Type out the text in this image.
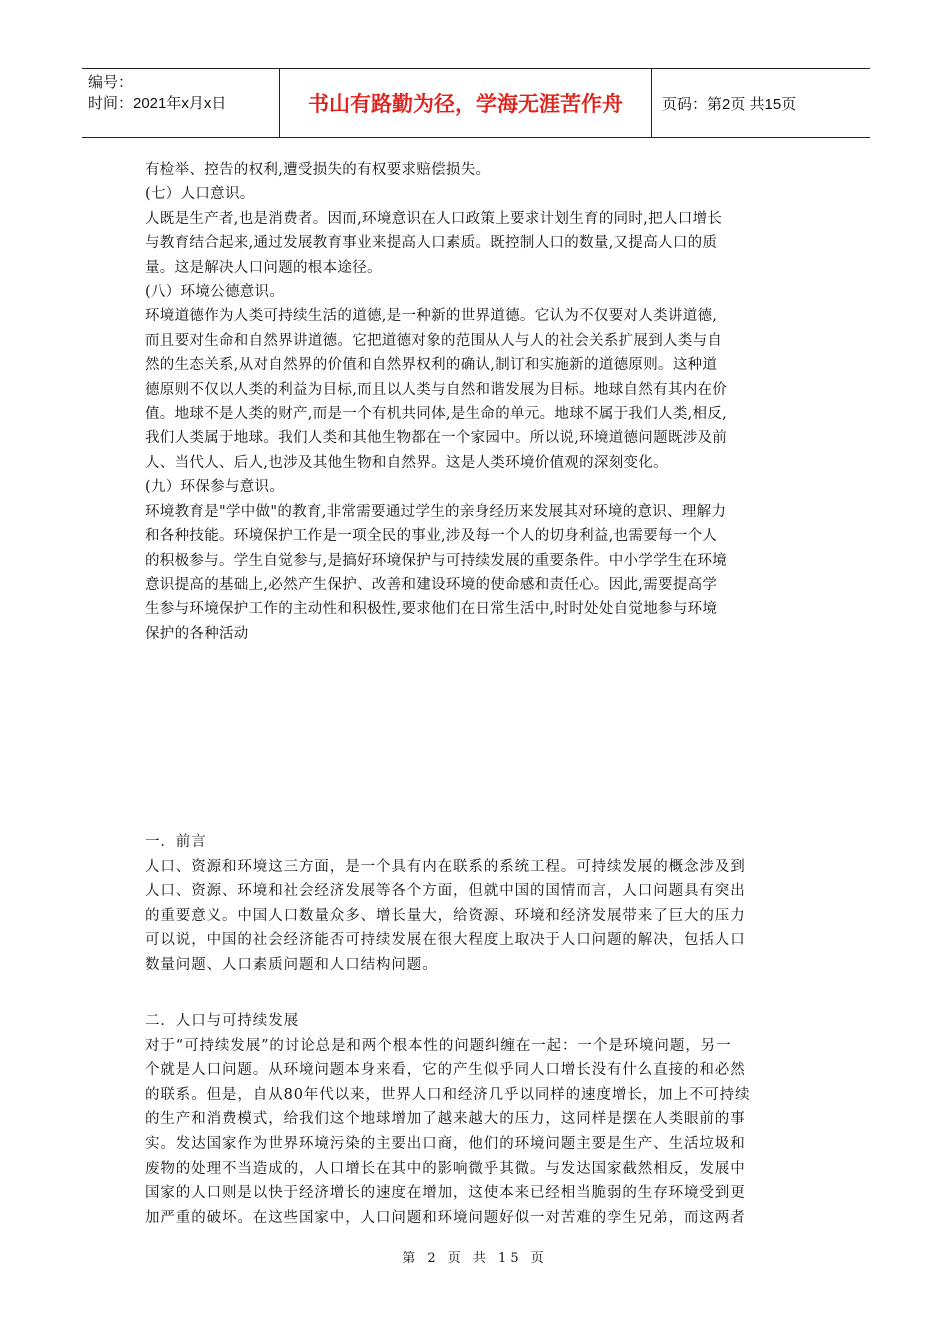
编号：
时间：2021年x月x日	书山有路勤为径，学海无涯苦作舟	页码：第2页 共15页
有检举、控告的权利,遭受损失的有权要求赔偿损失。
(七）人口意识。
人既是生产者,也是消费者。因而,环境意识在人口政策上要求计划生育的同时,把人口增长
与教育结合起来,通过发展教育事业来提高人口素质。既控制人口的数量,又提高人口的质
量。这是解决人口问题的根本途径。
(八）环境公德意识。
环境道德作为人类可持续生活的道德,是一种新的世界道德。它认为不仅要对人类讲道德,
而且要对生命和自然界讲道德。它把道德对象的范围从人与人的社会关系扩展到人类与自
然的生态关系,从对自然界的价值和自然界权利的确认,制订和实施新的道德原则。这种道
德原则不仅以人类的利益为目标,而且以人类与自然和谐发展为目标。地球自然有其内在价
值。地球不是人类的财产,而是一个有机共同体,是生命的单元。地球不属于我们人类,相反,
我们人类属于地球。我们人类和其他生物都在一个家园中。所以说,环境道德问题既涉及前
人、当代人、后人,也涉及其他生物和自然界。这是人类环境价值观的深刻变化。
(九）环保参与意识。
环境教育是"学中做"的教育,非常需要通过学生的亲身经历来发展其对环境的意识、理解力
和各种技能。环境保护工作是一项全民的事业,涉及每一个人的切身利益,也需要每一个人
的积极参与。学生自觉参与,是搞好环境保护与可持续发展的重要条件。中小学学生在环境
意识提高的基础上,必然产生保护、改善和建设环境的使命感和责任心。因此,需要提高学
生参与环境保护工作的主动性和积极性,要求他们在日常生活中,时时处处自觉地参与环境
保护的各种活动
一．前言
人口、资源和环境这三方面，是一个具有内在联系的系统工程。可持续发展的概念涉及到
人口、资源、环境和社会经济发展等各个方面，但就中国的国情而言，人口问题具有突出
的重要意义。中国人口数量众多、增长量大，给资源、环境和经济发展带来了巨大的压力
可以说，中国的社会经济能否可持续发展在很大程度上取决于人口问题的解决，包括人口
数量问题、人口素质问题和人口结构问题。
二．人口与可持续发展
对于“可持续发展”的讨论总是和两个根本性的问题纠缠在一起：一个是环境问题，另一
个就是人口问题。从环境问题本身来看，它的产生似乎同人口增长没有什么直接的和必然
的联系。但是，自从80年代以来，世界人口和经济几乎以同样的速度增长，加上不可持续
的生产和消费模式，给我们这个地球增加了越来越大的压力，这同样是摆在人类眼前的事
实。发达国家作为世界环境污染的主要出口商，他们的环境问题主要是生产、生活垃圾和
废物的处理不当造成的，人口增长在其中的影响微乎其微。与发达国家截然相反，发展中
国家的人口则是以快于经济增长的速度在增加，这使本来已经相当脆弱的生存环境受到更
加严重的破坏。在这些国家中，人口问题和环境问题好似一对苦难的孪生兄弟，而这两者
第 2 页 共 15 页
